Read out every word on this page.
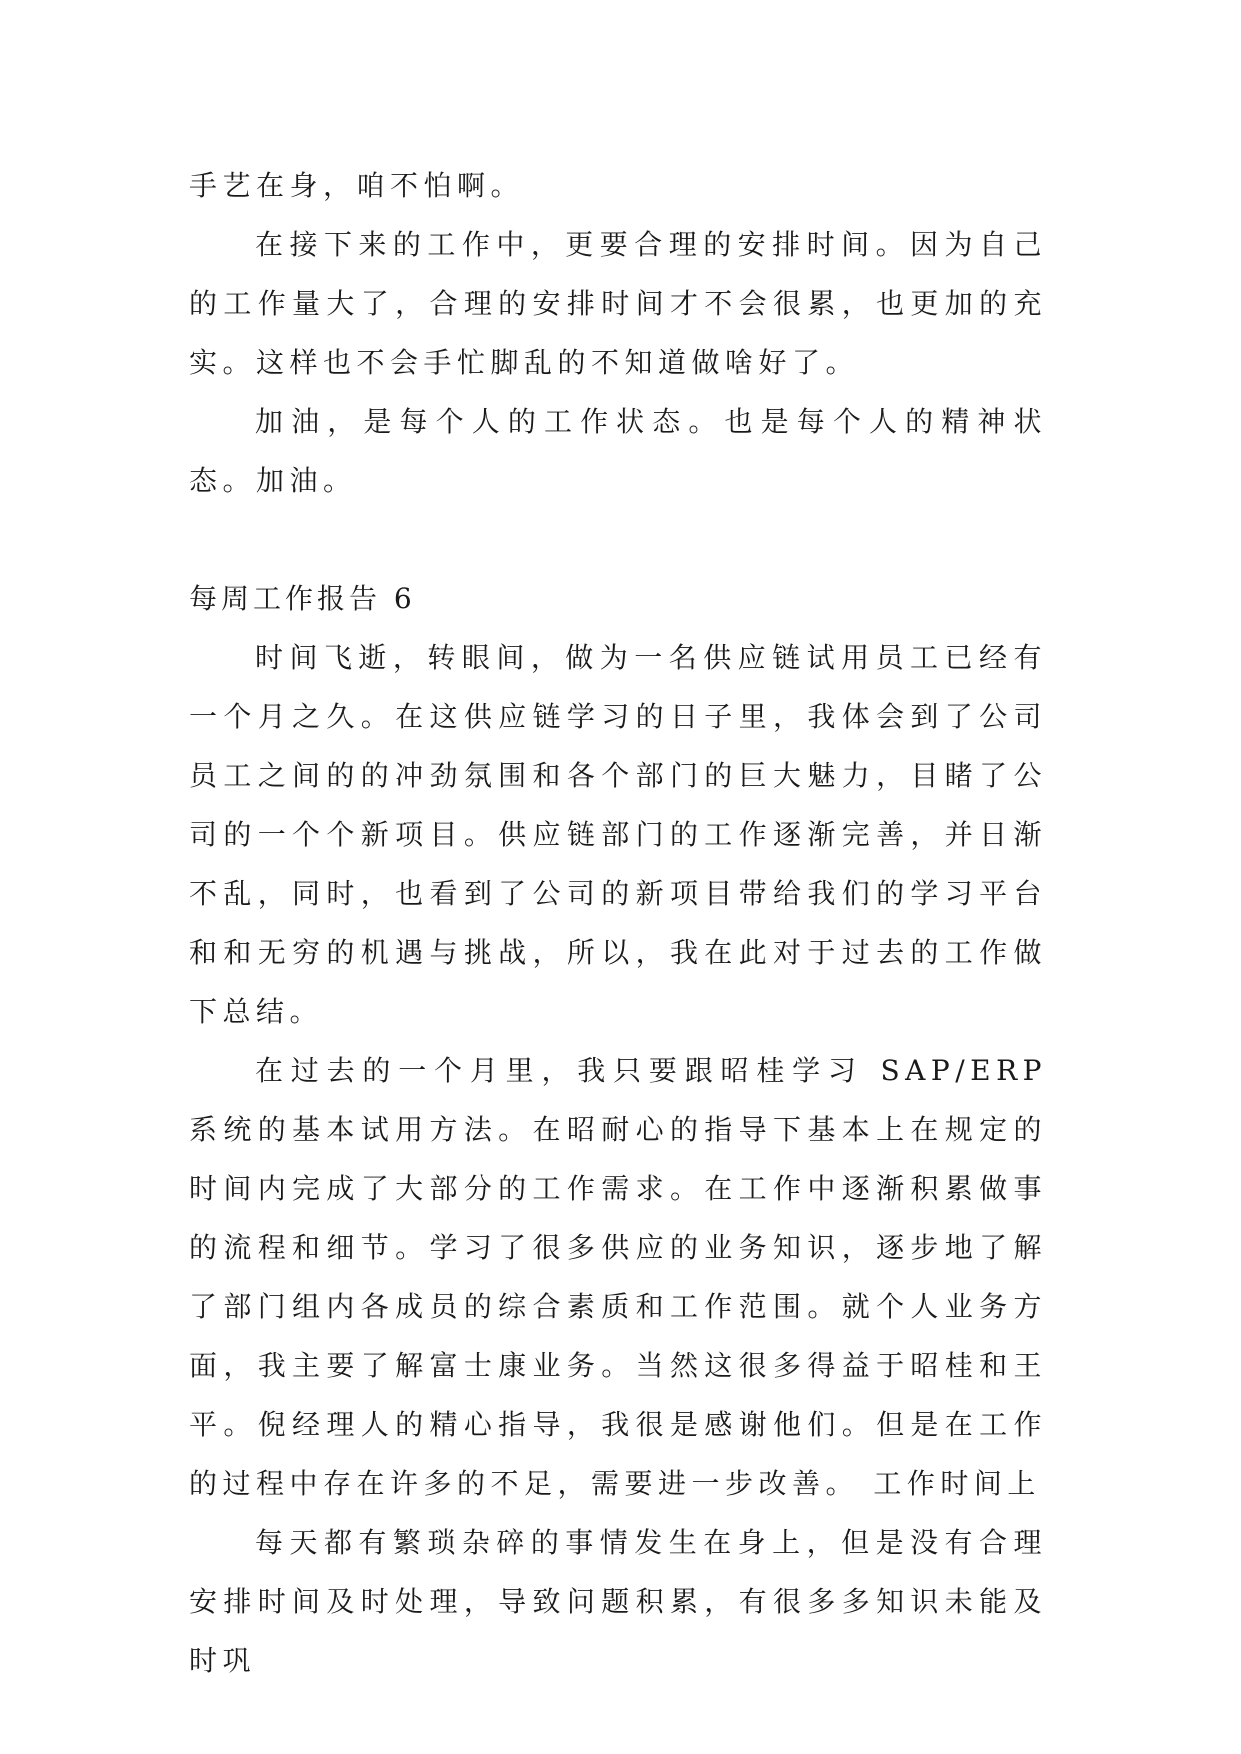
手艺在身，咱不怕啊。

在接下来的工作中，更要合理的安排时间。因为自己的工作量大了，合理的安排时间才不会很累，也更加的充实。这样也不会手忙脚乱的不知道做啥好了。

加油，是每个人的工作状态。也是每个人的精神状态。加油。

每周工作报告 6

时间飞逝，转眼间，做为一名供应链试用员工已经有一个月之久。在这供应链学习的日子里，我体会到了公司员工之间的的冲劲氛围和各个部门的巨大魅力，目睹了公司的一个个新项目。供应链部门的工作逐渐完善，并日渐不乱，同时，也看到了公司的新项目带给我们的学习平台和和无穷的机遇与挑战，所以，我在此对于过去的工作做下总结。

在过去的一个月里，我只要跟昭桂学习 SAP/ERP 系统的基本试用方法。在昭耐心的指导下基本上在规定的时间内完成了大部分的工作需求。在工作中逐渐积累做事的流程和细节。学习了很多供应的业务知识，逐步地了解了部门组内各成员的综合素质和工作范围。就个人业务方面，我主要了解富士康业务。当然这很多得益于昭桂和王平。倪经理人的精心指导，我很是感谢他们。但是在工作的过程中存在许多的不足，需要进一步改善。 工作时间上

每天都有繁琐杂碎的事情发生在身上，但是没有合理安排时间及时处理，导致问题积累，有很多多知识未能及时巩
